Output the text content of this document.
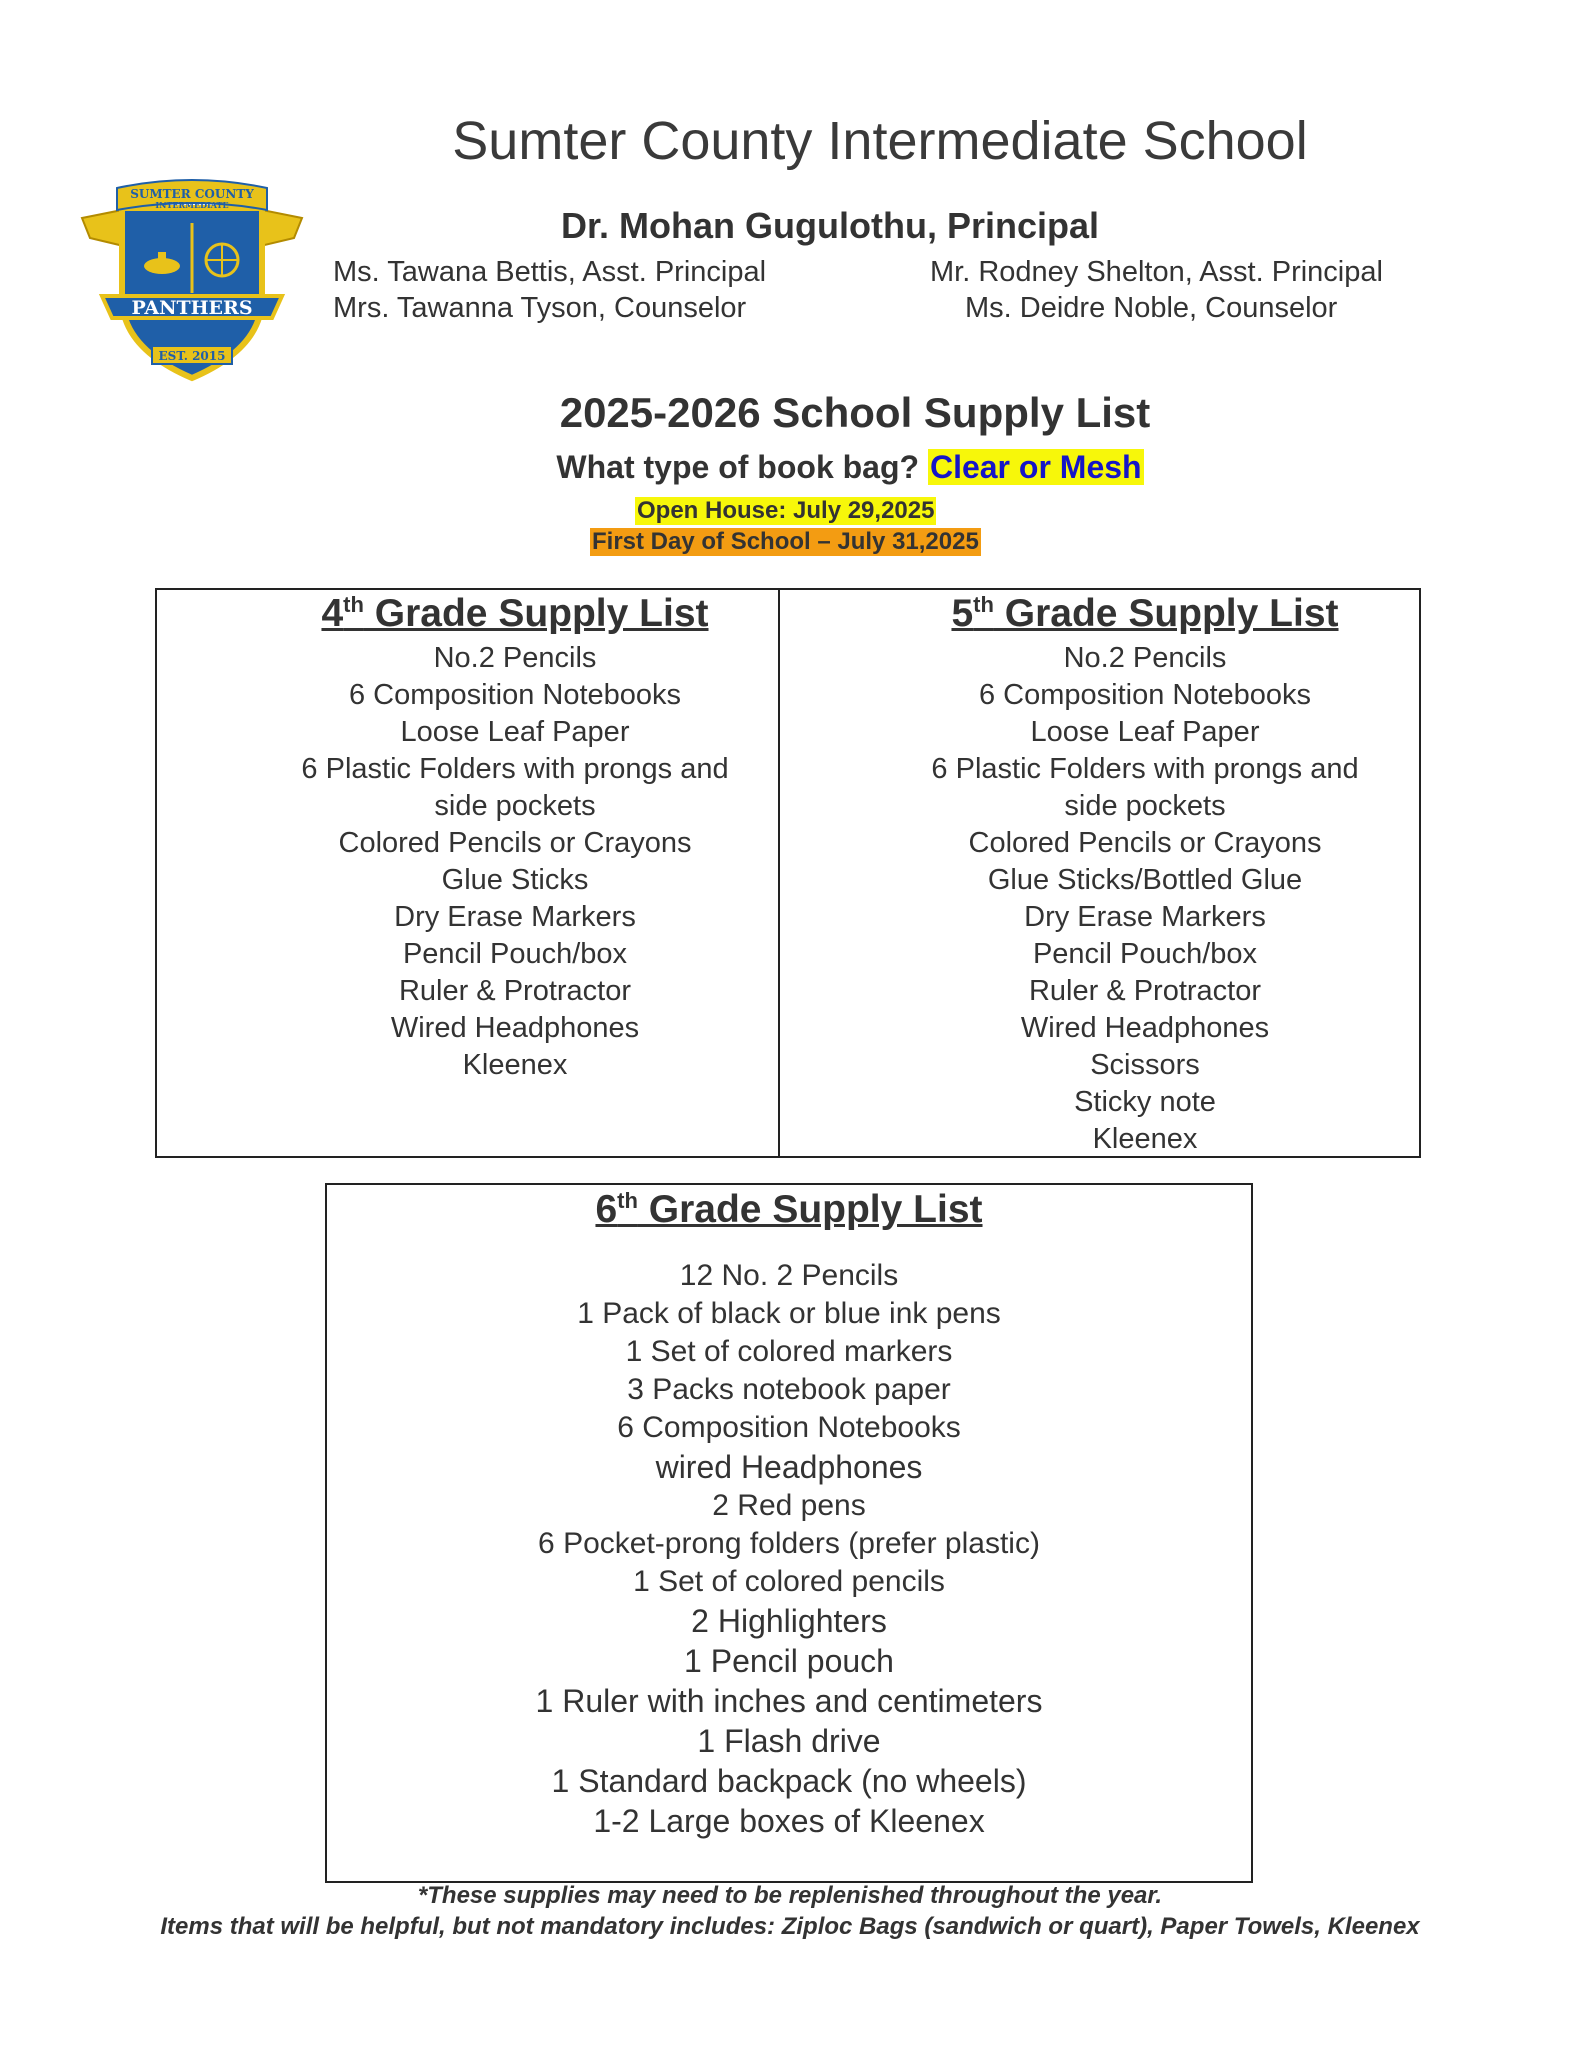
Sumter County Intermediate School
SUMTER COUNTY
INTERMEDIATE
PANTHERS
EST. 2015
Dr. Mohan Gugulothu, Principal
Ms. Tawana Bettis, Asst. Principal
Mrs. Tawanna Tyson, Counselor
Mr. Rodney Shelton, Asst. Principal
Ms. Deidre Noble, Counselor
2025-2026 School Supply List
What type of book bag? Clear or Mesh
Open House: July 29,2025
First Day of School – July 31,2025
4th Grade Supply List
No.2 Pencils
6 Composition Notebooks
Loose Leaf Paper
6 Plastic Folders with prongs and
side pockets
Colored Pencils or Crayons
Glue Sticks
Dry Erase Markers
Pencil Pouch/box
Ruler & Protractor
Wired Headphones
Kleenex
5th Grade Supply List
No.2 Pencils
6 Composition Notebooks
Loose Leaf Paper
6 Plastic Folders with prongs and
side pockets
Colored Pencils or Crayons
Glue Sticks/Bottled Glue
Dry Erase Markers
Pencil Pouch/box
Ruler & Protractor
Wired Headphones
Scissors
Sticky note
Kleenex
6th Grade Supply List
12 No. 2 Pencils
1 Pack of black or blue ink pens
1 Set of colored markers
3 Packs notebook paper
6 Composition Notebooks
wired Headphones
2 Red pens
6 Pocket-prong folders (prefer plastic)
1 Set of colored pencils
2 Highlighters
1 Pencil pouch
1 Ruler with inches and centimeters
1 Flash drive
1 Standard backpack (no wheels)
1-2 Large boxes of Kleenex
*These supplies may need to be replenished throughout the year.
Items that will be helpful, but not mandatory includes: Ziploc Bags (sandwich or quart), Paper Towels, Kleenex
